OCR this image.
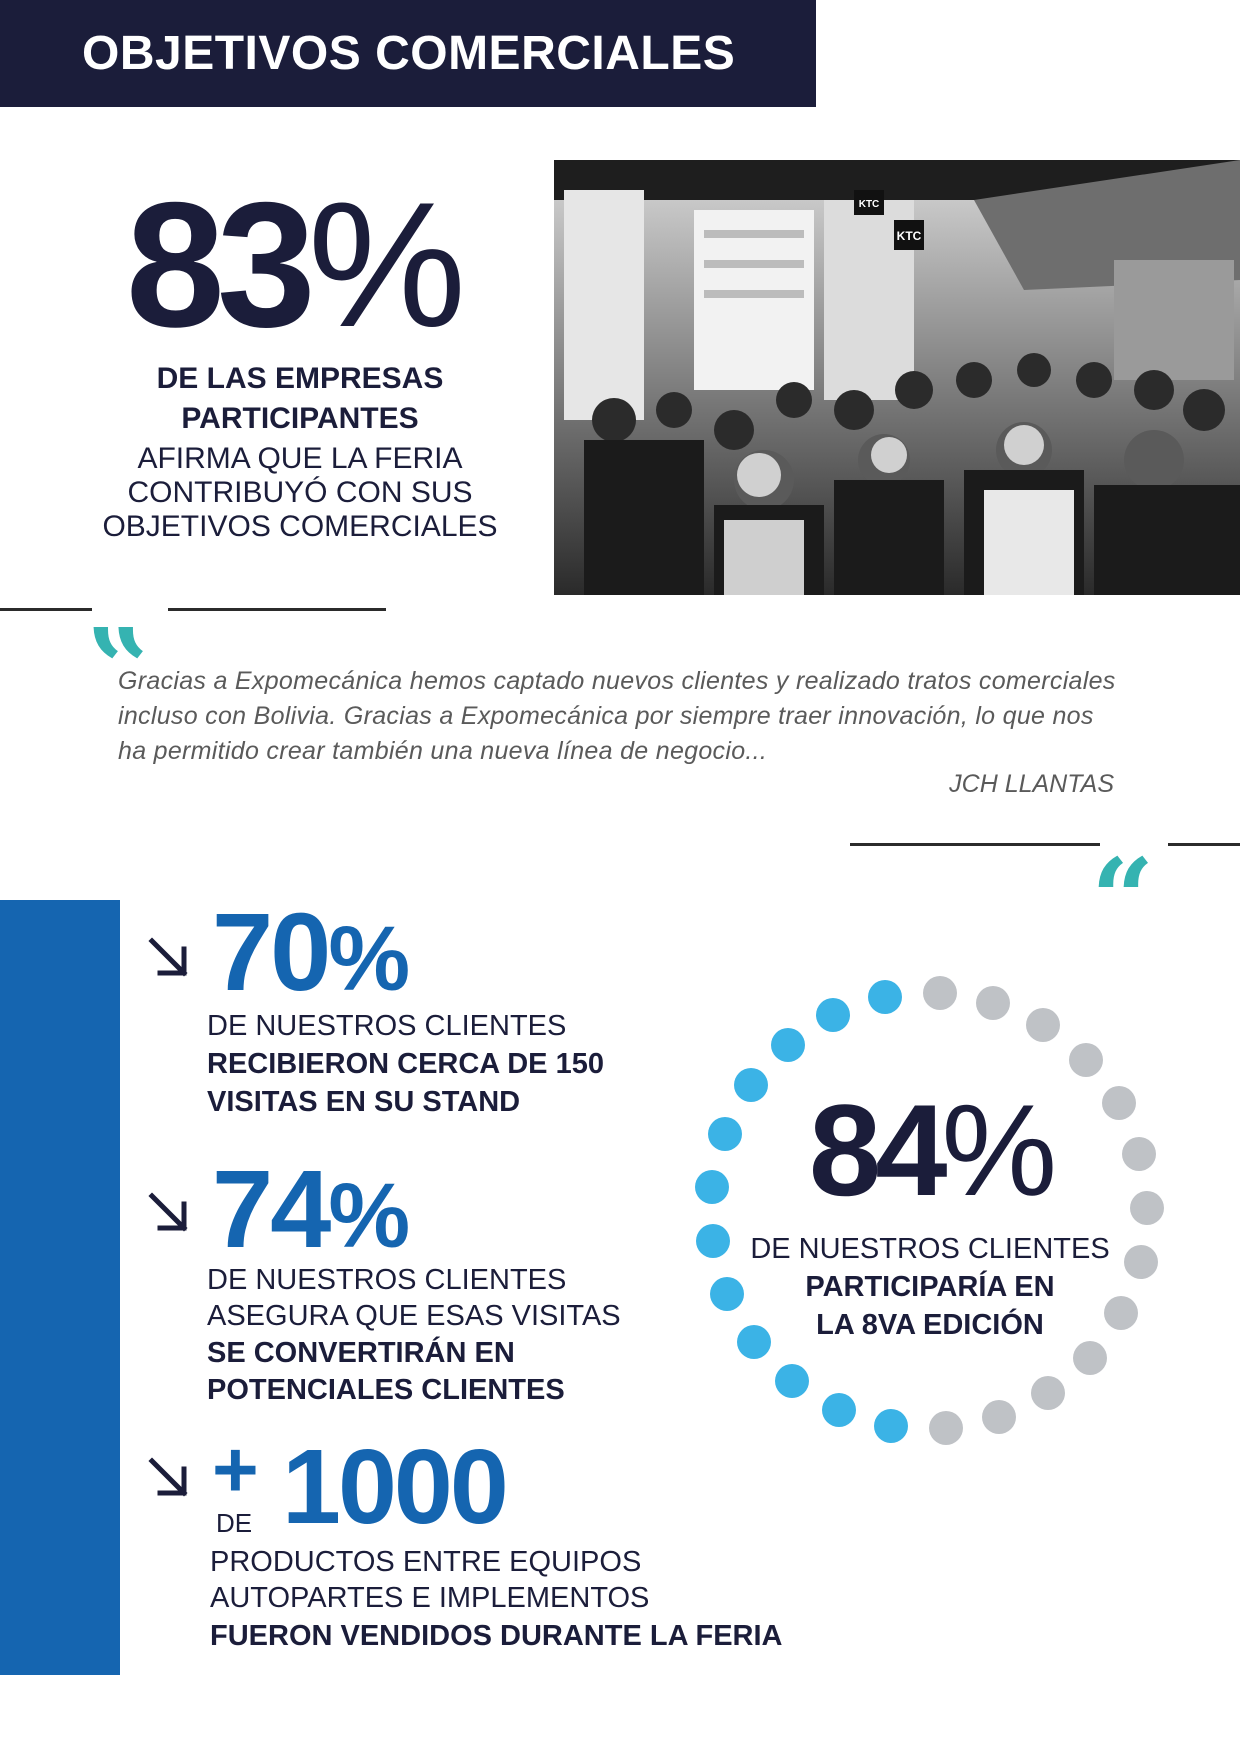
OBJETIVOS COMERCIALES
83%
DE LAS EMPRESAS
PARTICIPANTES
AFIRMA QUE LA FERIA
CONTRIBUYÓ CON SUS
OBJETIVOS COMERCIALES
KTC
KTC
“
Gracias a Expomecánica hemos captado nuevos clientes y realizado tratos comerciales
incluso con Bolivia. Gracias a Expomecánica por siempre traer innovación, lo que nos
ha permitido crear también una nueva línea de negocio...
JCH LLANTAS
”
70%
DE NUESTROS CLIENTES
RECIBIERON CERCA DE 150
VISITAS EN SU STAND
74%
DE NUESTROS CLIENTES
ASEGURA QUE ESAS VISITAS
SE CONVERTIRÁN EN
POTENCIALES CLIENTES
+
DE 1000
PRODUCTOS ENTRE EQUIPOS
AUTOPARTES E IMPLEMENTOS
FUERON VENDIDOS DURANTE LA FERIA
84%
DE NUESTROS CLIENTES
PARTICIPARÍA EN
LA 8VA EDICIÓN
